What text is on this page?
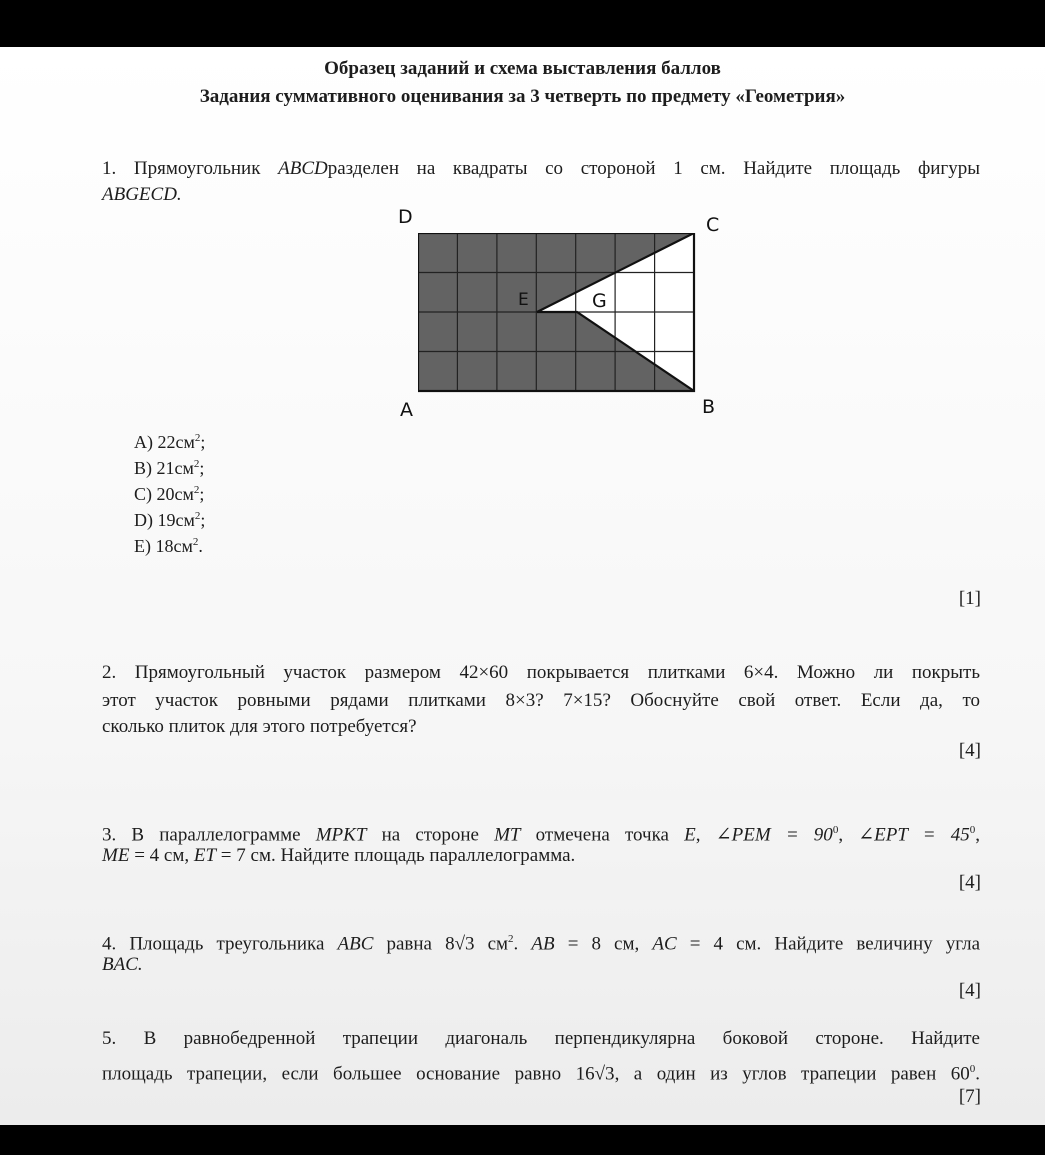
Образец заданий и схема выставления баллов
Задания суммативного оценивания за 3 четверть по предмету «Геометрия»
1. Прямоугольник ABCDразделен на квадраты со стороной 1 см. Найдите площадь фигуры
ABGECD.
D	C
E	G
A	B
A) $22см^2$;
B) $21см^2$;
C) $20см^2$;
D) $19см^2$;
E) $18см^2$.
[1]
2. Прямоугольный участок размером 42×60 покрывается плитками 6×4. Можно ли покрыть
этот участок ровными рядами плитками 8×3? 7×15? Обоснуйте свой ответ. Если да, то
сколько плиток для этого потребуется?
[4]
3. В параллелограмме MPKT на стороне MT отмечена точка E, ∠PEM = $90^0$, ∠EPT = $45^0$,
ME = 4 см, ET = 7 см. Найдите площадь параллелограмма.
[4]
4. Площадь треугольника ABC равна 8√3 $см^2$. AB = 8 см, AC = 4 см. Найдите величину угла
BAC.
[4]
5. В равнобедренной трапеции диагональ перпендикулярна боковой стороне. Найдите
площадь трапеции, если большее основание равно 16√3, а один из углов трапеции равен $60^0$.
[7]
